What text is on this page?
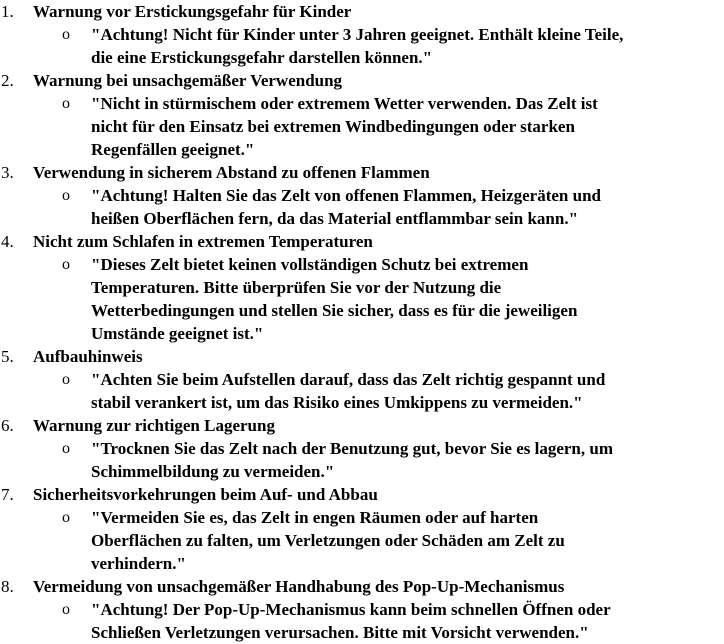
1. Warnung vor Erstickungsgefahr für Kinder
o "Achtung! Nicht für Kinder unter 3 Jahren geeignet. Enthält kleine Teile,
die eine Erstickungsgefahr darstellen können."
2. Warnung bei unsachgemäßer Verwendung
o "Nicht in stürmischem oder extremem Wetter verwenden. Das Zelt ist
nicht für den Einsatz bei extremen Windbedingungen oder starken
Regenfällen geeignet."
3. Verwendung in sicherem Abstand zu offenen Flammen
o "Achtung! Halten Sie das Zelt von offenen Flammen, Heizgeräten und
heißen Oberflächen fern, da das Material entflammbar sein kann."
4. Nicht zum Schlafen in extremen Temperaturen
o "Dieses Zelt bietet keinen vollständigen Schutz bei extremen
Temperaturen. Bitte überprüfen Sie vor der Nutzung die
Wetterbedingungen und stellen Sie sicher, dass es für die jeweiligen
Umstände geeignet ist."
5. Aufbauhinweis
o "Achten Sie beim Aufstellen darauf, dass das Zelt richtig gespannt und
stabil verankert ist, um das Risiko eines Umkippens zu vermeiden."
6. Warnung zur richtigen Lagerung
o "Trocknen Sie das Zelt nach der Benutzung gut, bevor Sie es lagern, um
Schimmelbildung zu vermeiden."
7. Sicherheitsvorkehrungen beim Auf- und Abbau
o "Vermeiden Sie es, das Zelt in engen Räumen oder auf harten
Oberflächen zu falten, um Verletzungen oder Schäden am Zelt zu
verhindern."
8. Vermeidung von unsachgemäßer Handhabung des Pop-Up-Mechanismus
o "Achtung! Der Pop-Up-Mechanismus kann beim schnellen Öffnen oder
Schließen Verletzungen verursachen. Bitte mit Vorsicht verwenden."
